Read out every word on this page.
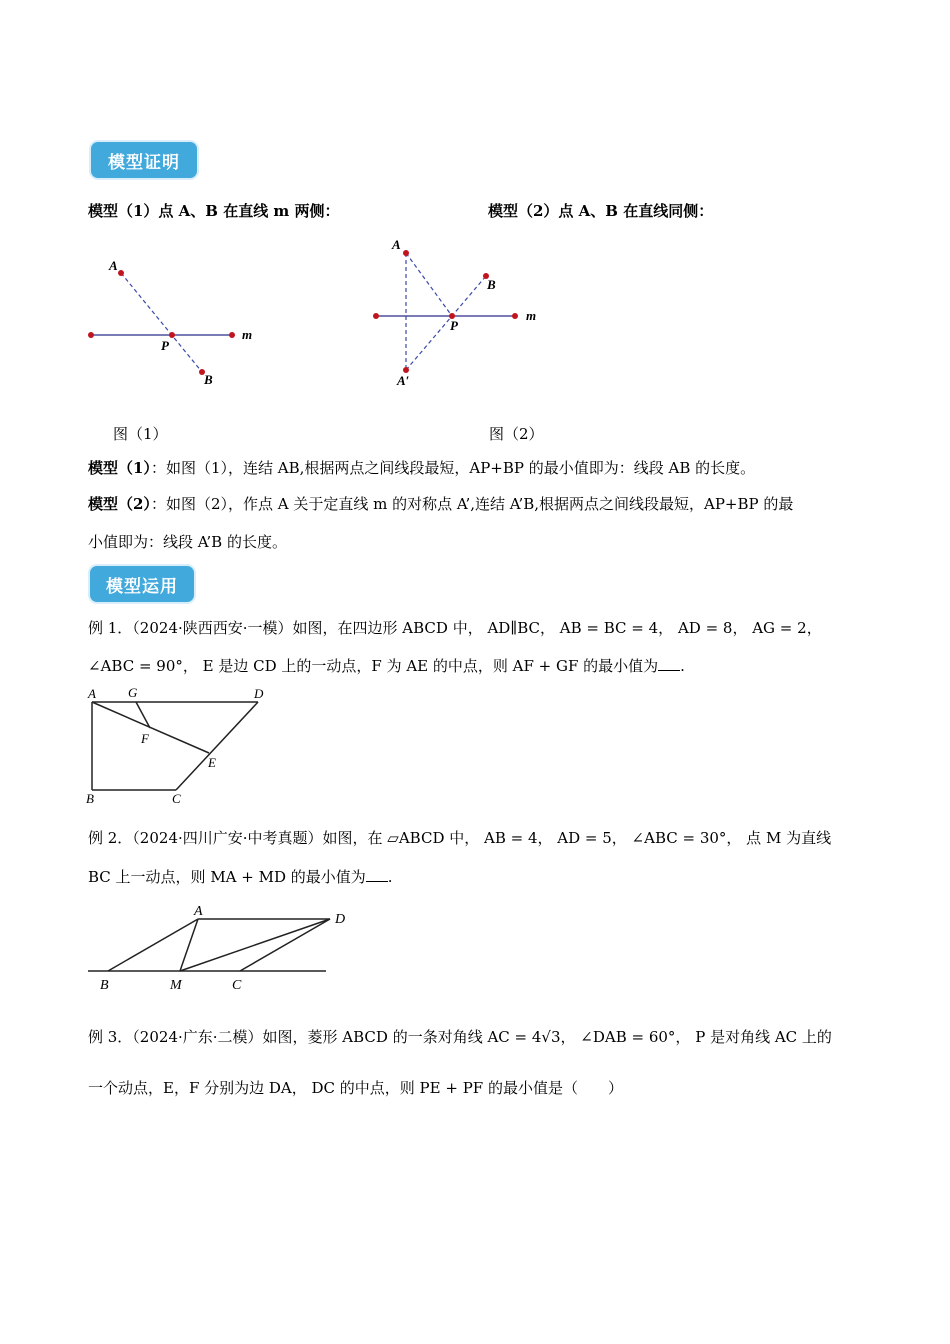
模型证明
模型（1）点 A、B 在直线 m 两侧：	模型（2）点 A、B 在直线同侧：
A
P
B
m
图（1）
A
B
P
m
A′
图（2）
模型（1）：如图（1），连结 AB,根据两点之间线段最短，AP+BP 的最小值即为：线段 AB 的长度。
模型（2）：如图（2），作点 A 关于定直线 m 的对称点 A’,连结 A’B,根据两点之间线段最短，AP+BP 的最
小值即为：线段 A’B 的长度。
模型运用
例 1．（2024·陕西西安·一模）如图，在四边形 ABCD 中， AD∥BC， AB = BC = 4， AD = 8， AG = 2，
∠ABC = 90°， E 是边 CD 上的一动点，F 为 AE 的中点，则 AF + GF 的最小值为 .
A G	D
F
E
B	C
例 2．（2024·四川广安·中考真题）如图，在 ▱ABCD 中， AB = 4， AD = 5， ∠ABC = 30°， 点 M 为直线
BC 上一动点，则 MA + MD 的最小值为 .
A
D
B	M	C
例 3．（2024·广东·二模）如图，菱形 ABCD 的一条对角线 AC = 4√3， ∠DAB = 60°， P 是对角线 AC 上的
一个动点，E，F 分别为边 DA， DC 的中点，则 PE + PF 的最小值是（　　）
